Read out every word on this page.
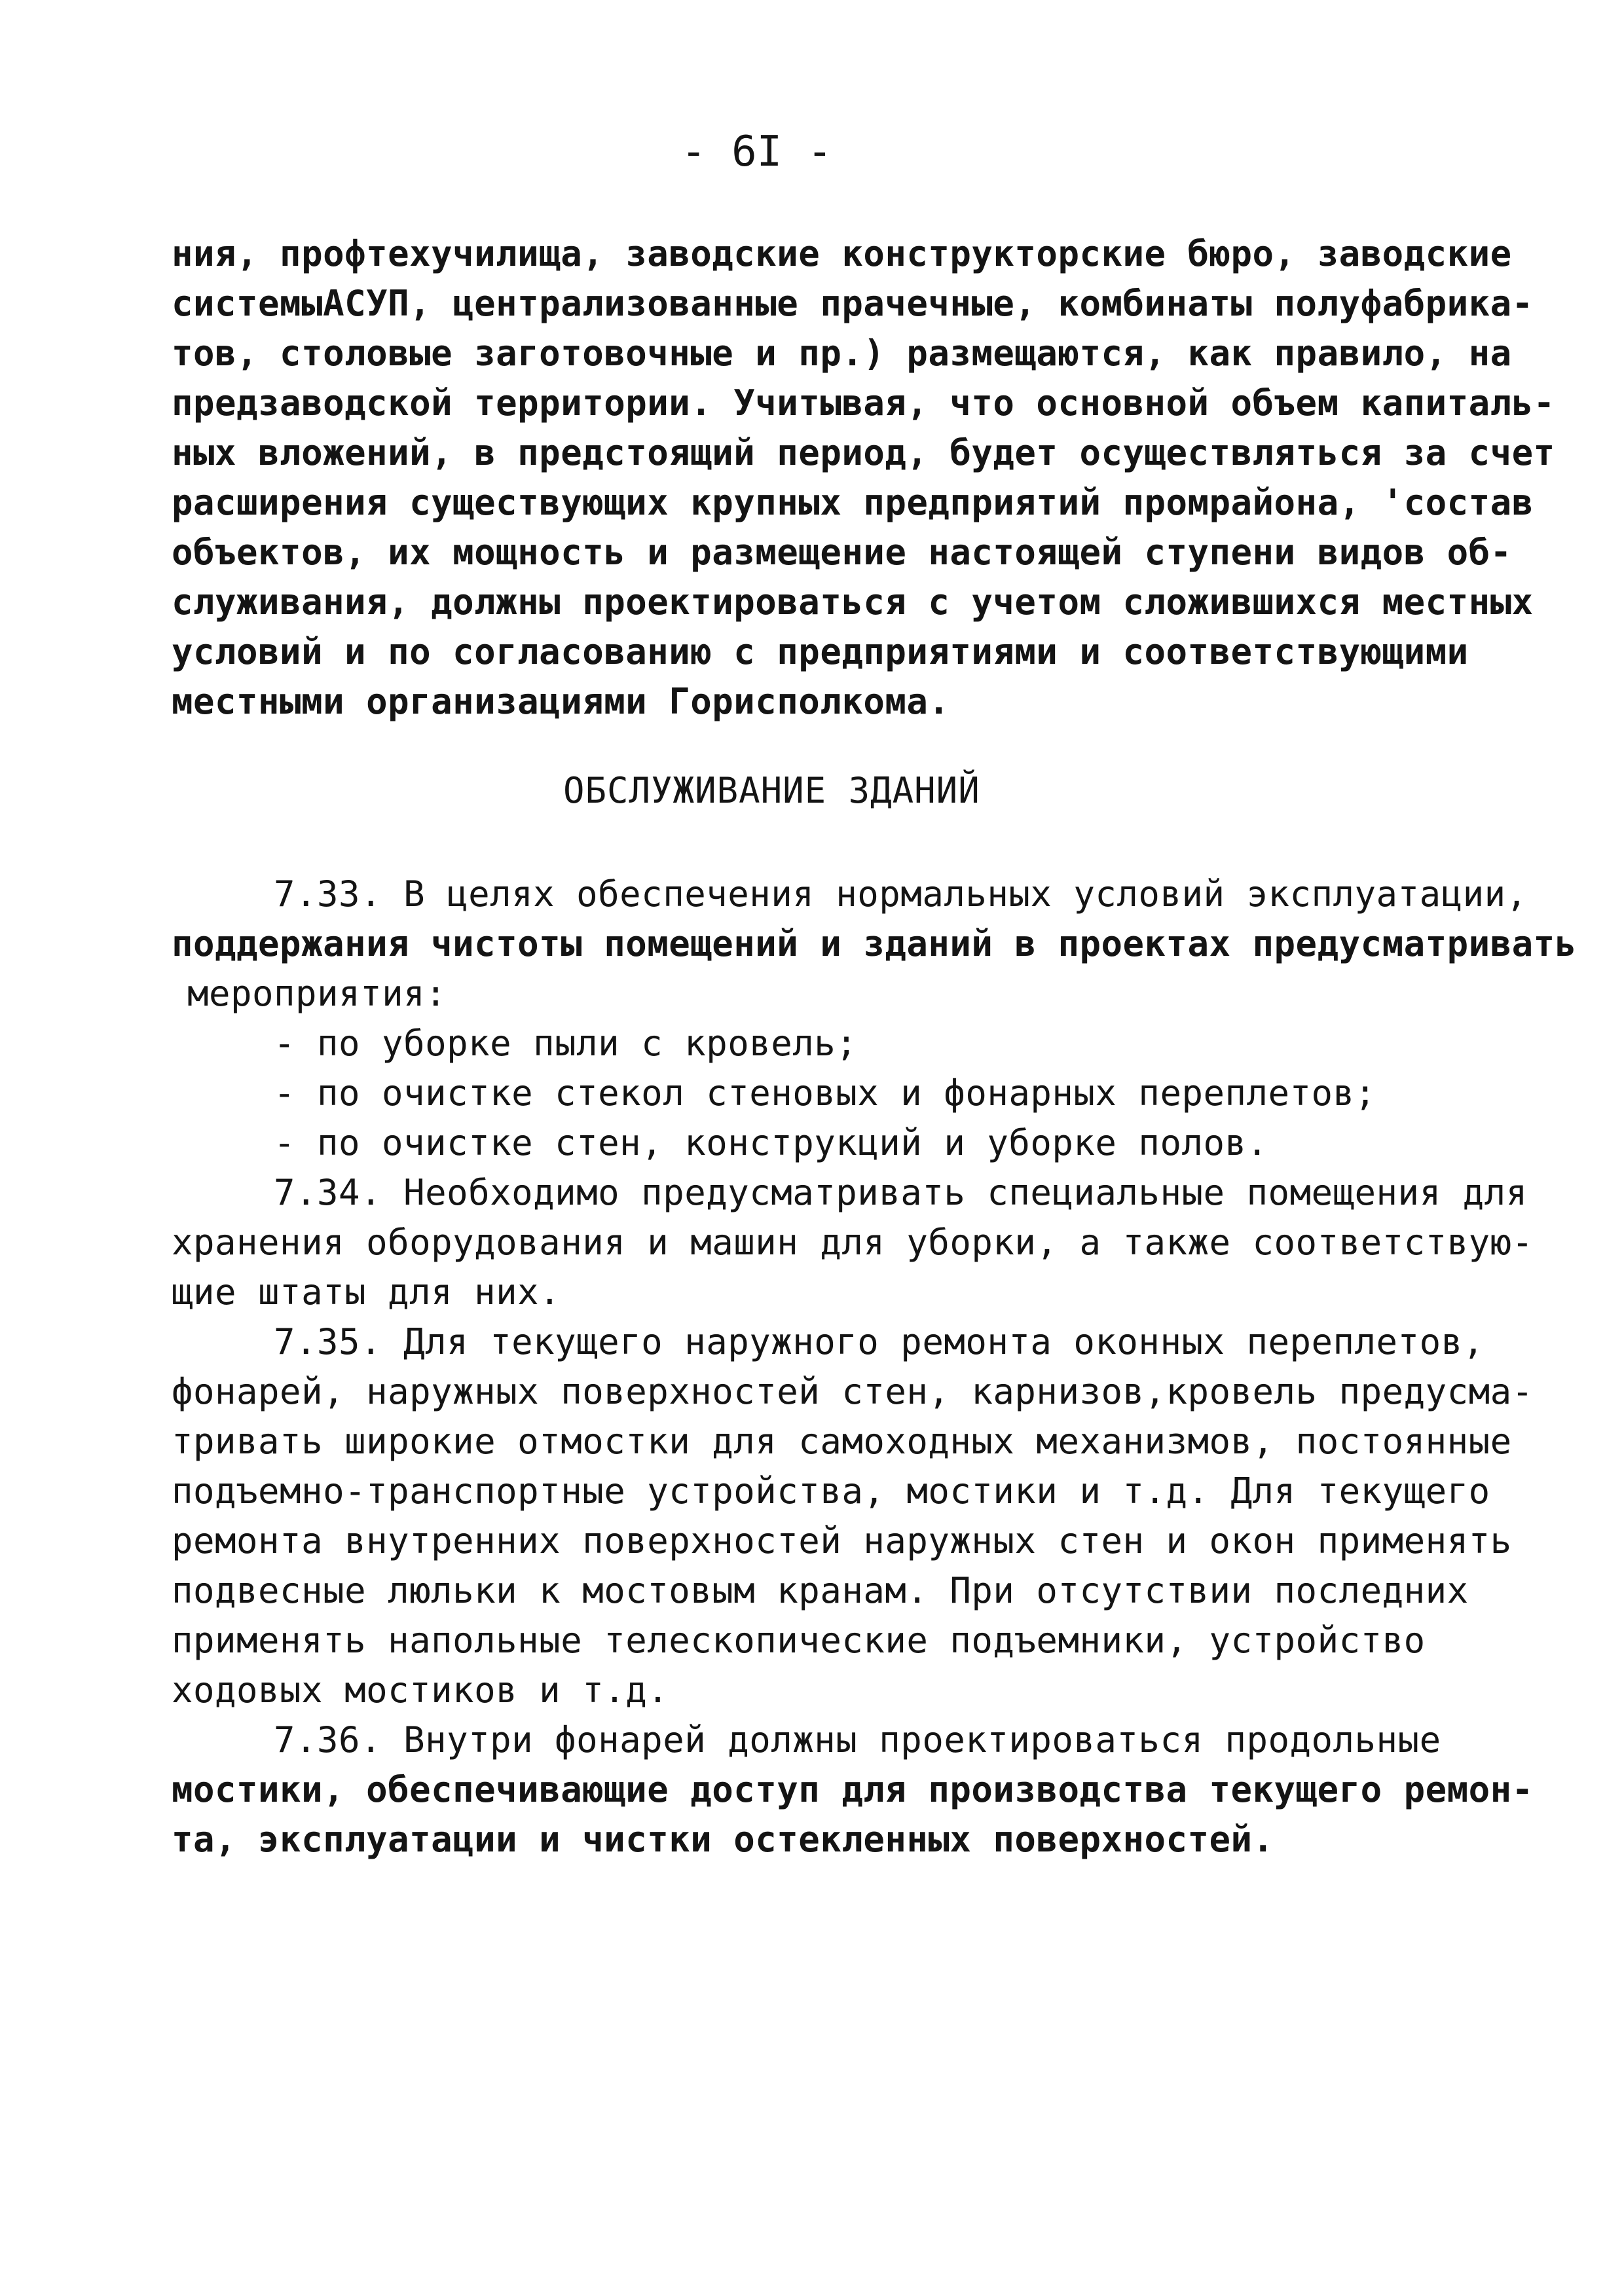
- 6I -
ния, профтехучилища, заводские конструкторские бюро, заводские
системыАСУП, централизованные прачечные, комбинаты полуфабрика-
тов, столовые заготовочные и пр.) размещаются, как правило, на
предзаводской территории. Учитывая, что основной объем капиталь-
ных вложений, в предстоящий период, будет осуществляться за счет
расширения существующих крупных предприятий промрайона, 'состав
объектов, их мощность и размещение настоящей ступени видов об-
служивания, должны проектироваться с учетом сложившихся местных
условий и по согласованию с предприятиями и соответствующими
местными организациями Горисполкома.
ОБСЛУЖИВАНИЕ ЗДАНИЙ
7.33. В целях обеспечения нормальных условий эксплуатации,
поддержания чистоты помещений и зданий в проектах предусматривать
мероприятия:
- по уборке пыли с кровель;
- по очистке стекол стеновых и фонарных переплетов;
- по очистке стен, конструкций и уборке полов.
7.34. Необходимо предусматривать специальные помещения для
хранения оборудования и машин для уборки, а также соответствую-
щие штаты для них.
7.35. Для текущего наружного ремонта оконных переплетов,
фонарей, наружных поверхностей стен, карнизов,кровель предусма-
тривать широкие отмостки для самоходных механизмов, постоянные
подъемно-транспортные устройства, мостики и т.д. Для текущего
ремонта внутренних поверхностей наружных стен и окон применять
подвесные люльки к мостовым кранам. При отсутствии последних
применять напольные телескопические подъемники, устройство
ходовых мостиков и т.д.
7.36. Внутри фонарей должны проектироваться продольные
мостики, обеспечивающие доступ для производства текущего ремон-
та, эксплуатации и чистки остекленных поверхностей.
